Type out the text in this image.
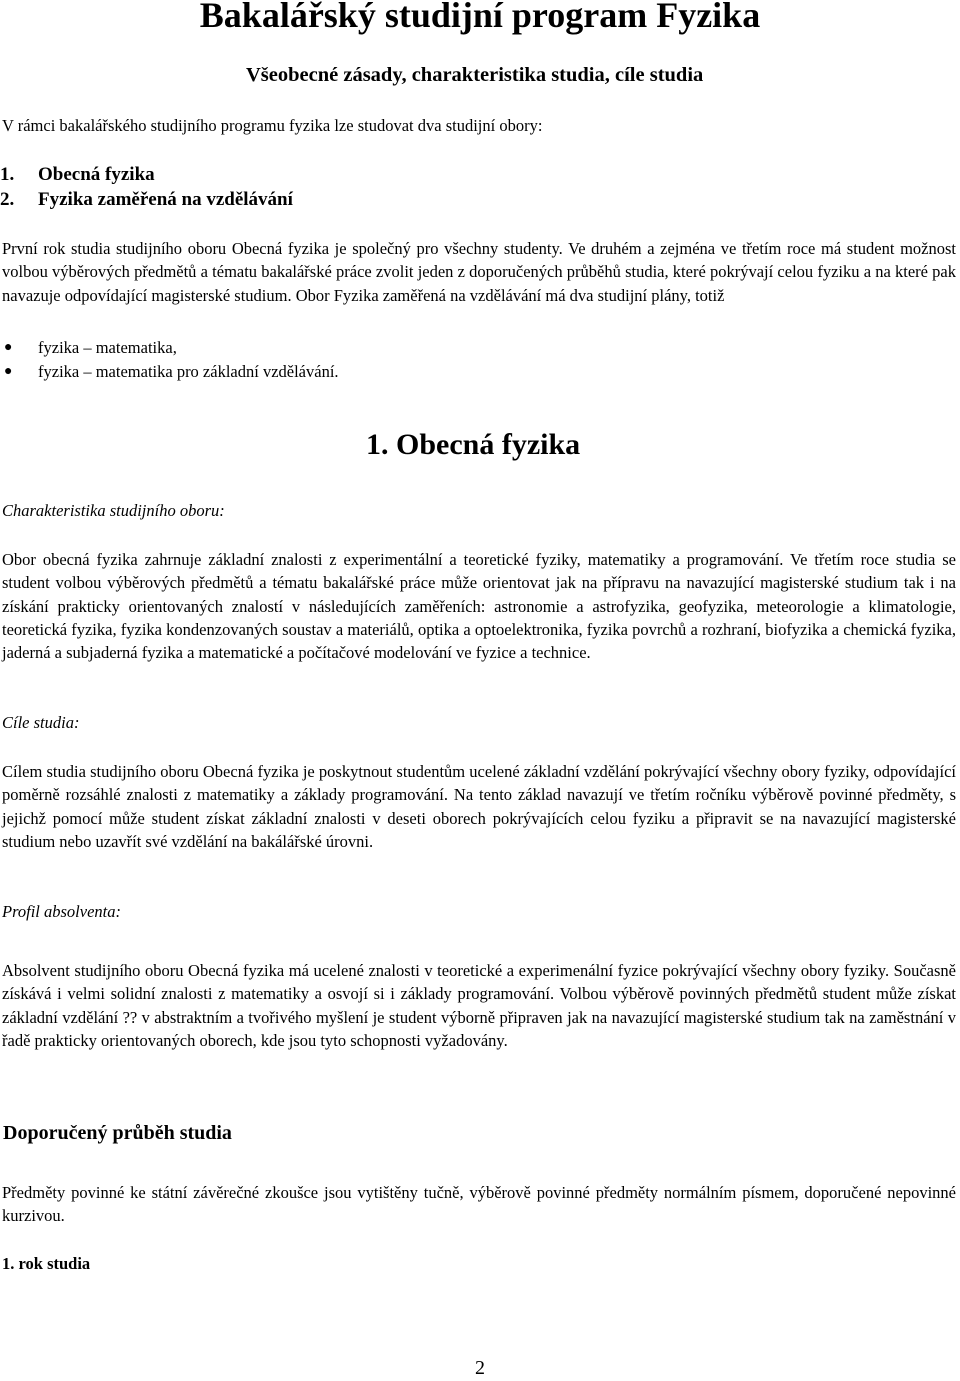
Bakalářský studijní program Fyzika
Všeobecné zásady, charakteristika studia, cíle studia

V rámci bakalářského studijního programu fyzika lze studovat dva studijní obory:

1.	Obecná fyzika
2.	Fyzika zaměřená na vzdělávání

První rok studia studijního oboru Obecná fyzika je společný pro všechny studenty. Ve druhém a zejména ve třetím roce má student možnost volbou výběrových předmětů a tématu bakalářské práce zvolit jeden z doporučených průběhů studia, které pokrývají celou fyziku a na které pak navazuje odpovídající magisterské studium. Obor Fyzika zaměřená na vzdělávání má dva studijní plány, totiž

●	fyzika – matematika,
●	fyzika – matematika pro základní vzdělávání.
1. Obecná fyzika

Charakteristika studijního oboru:

Obor obecná fyzika zahrnuje základní znalosti z experimentální a teoretické fyziky, matematiky a programování. Ve třetím roce studia se student volbou výběrových předmětů a tématu bakalářské práce může orientovat jak na přípravu na navazující magisterské studium tak i na získání prakticky orientovaných znalostí v následujících zaměřeních: astronomie a astrofyzika, geofyzika, meteorologie a klimatologie, teoretická fyzika, fyzika kondenzovaných soustav a materiálů, optika a optoelektronika, fyzika povrchů a rozhraní, biofyzika a chemická fyzika, jaderná a subjaderná fyzika a matematické a počítačové modelování ve fyzice a technice.

Cíle studia:

Cílem studia studijního oboru Obecná fyzika je poskytnout studentům ucelené základní vzdělání pokrývající všechny obory fyziky, odpovídající poměrně rozsáhlé znalosti z matematiky a základy programování. Na tento základ navazují ve třetím ročníku výběrově povinné předměty, s jejichž pomocí může student získat základní znalosti v deseti oborech pokrývajících celou fyziku a připravit se na navazující magisterské studium nebo uzavřít své vzdělání na bakálářské úrovni.

Profil absolventa:

Absolvent studijního oboru Obecná fyzika má ucelené znalosti v teoretické a experimenální fyzice pokrývající všechny obory fyziky. Současně získává i velmi solidní znalosti z matematiky a osvojí si i základy programování. Volbou výběrově povinných předmětů student může získat základní vzdělání ?? v abstraktním a tvořivého myšlení je student výborně připraven jak na navazující magisterské studium tak na zaměstnání v řadě prakticky orientovaných oborech, kde jsou tyto schopnosti vyžadovány.

Doporučený průběh studia

Předměty povinné ke státní závěrečné zkoušce jsou vytištěny tučně, výběrově povinné předměty normálním písmem, doporučené nepovinné kurzivou.

1. rok studia

2
